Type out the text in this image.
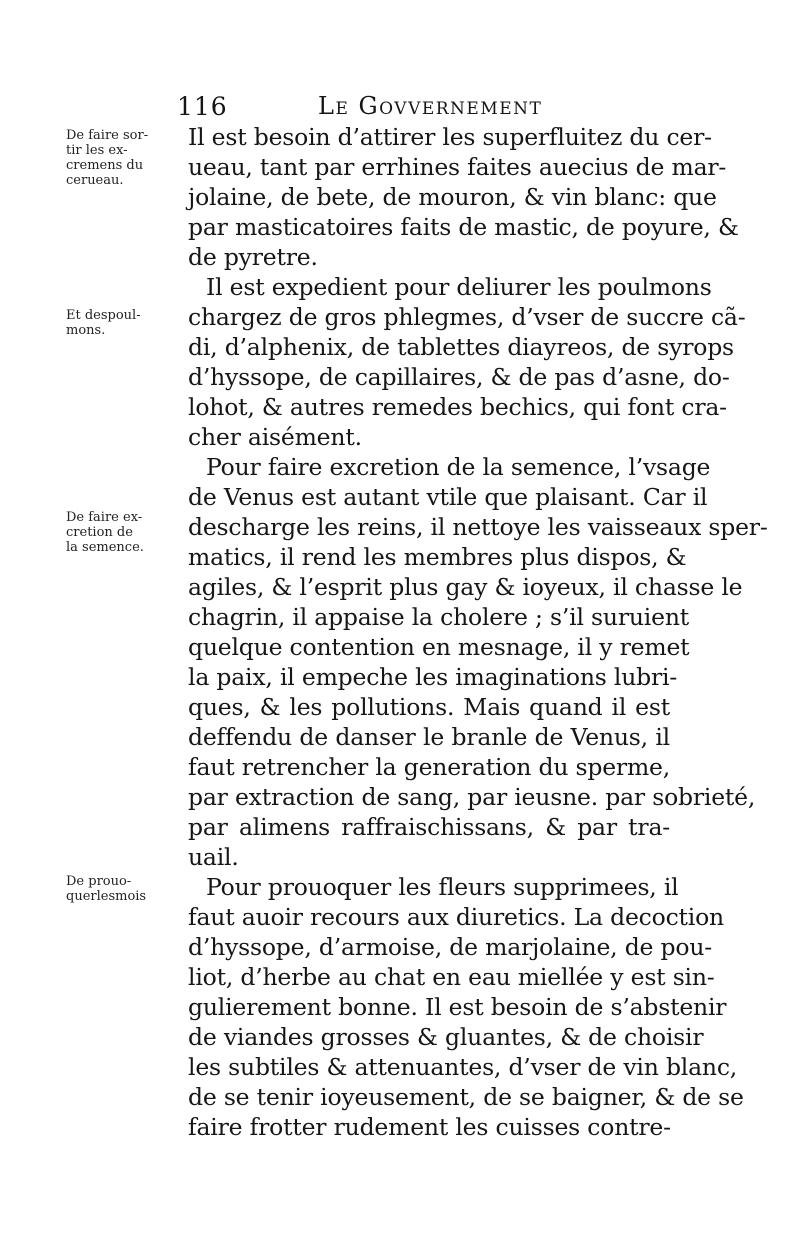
116	Le Govvernement
De faire sor-
tir les ex-
cremens du
cerueau.
Et despoul-
mons.
De faire ex-
cretion de
la semence.
De prouo-
querlesmois
Il est besoin d’attirer les superfluitez du cer-
ueau, tant par errhines faites auecius de mar-
jolaine, de bete, de mouron, & vin blanc: que
par masticatoires faits de mastic, de poyure, &
de pyretre.
Il est expedient pour deliurer les poulmons
chargez de gros phlegmes, d’vser de succre cã-
di, d’alphenix, de tablettes diayreos, de syrops
d’hyssope, de capillaires, & de pas d’asne, do-
lohot, & autres remedes bechics, qui font cra-
cher aisément.
Pour faire excretion de la semence, l’vsage
de Venus est autant vtile que plaisant. Car il
descharge les reins, il nettoye les vaisseaux sper-
matics, il rend les membres plus dispos, &
agiles, & l’esprit plus gay & ioyeux, il chasse le
chagrin, il appaise la cholere ; s’il suruient
quelque contention en mesnage, il y remet
la paix, il empeche les imaginations lubri-
ques, & les pollutions. Mais quand il est
deffendu de danser le branle de Venus, il
faut retrencher la generation du sperme,
par extraction de sang, par ieusne. par sobrieté,
par alimens raffraischissans, & par tra-
uail.
Pour prouoquer les fleurs supprimees, il
faut auoir recours aux diuretics. La decoction
d’hyssope, d’armoise, de marjolaine, de pou-
liot, d’herbe au chat en eau miellée y est sin-
gulierement bonne. Il est besoin de s’abstenir
de viandes grosses & gluantes, & de choisir
les subtiles & attenuantes, d’vser de vin blanc,
de se tenir ioyeusement, de se baigner, & de se
faire frotter rudement les cuisses contre-
